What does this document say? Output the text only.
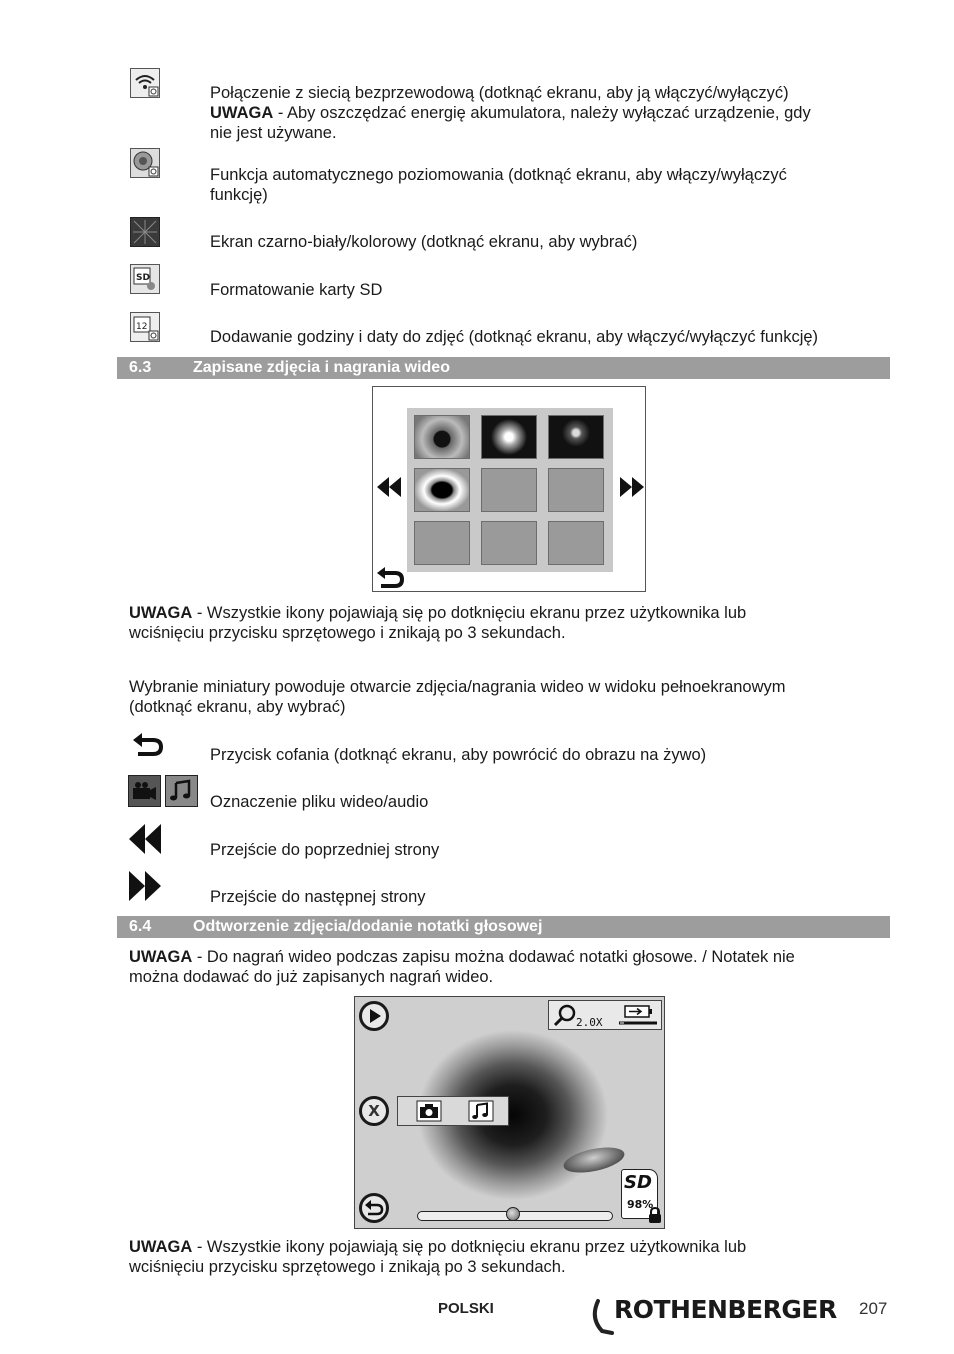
Połączenie z siecią bezprzewodową (dotknąć ekranu, aby ją włączyć/wyłączyć)
UWAGA - Aby oszczędzać energię akumulatora, należy wyłączać urządzenie, gdy
nie jest używane.
Funkcja automatycznego poziomowania (dotknąć ekranu, aby włączy/wyłączyć
funkcję)
Ekran czarno-biały/kolorowy (dotknąć ekranu, aby wybrać)
SD
Formatowanie karty SD
12
Dodawanie godziny i daty do zdjęć (dotknąć ekranu, aby włączyć/wyłączyć funkcję)
6.3	Zapisane zdjęcia i nagrania wideo
UWAGA - Wszystkie ikony pojawiają się po dotknięciu ekranu przez użytkownika lub
wciśnięciu przycisku sprzętowego i znikają po 3 sekundach.
Wybranie miniatury powoduje otwarcie zdjęcia/nagrania wideo w widoku pełnoekranowym
(dotknąć ekranu, aby wybrać)
Przycisk cofania (dotknąć ekranu, aby powrócić do obrazu na żywo)
Oznaczenie pliku wideo/audio
Przejście do poprzedniej strony
Przejście do następnej strony
6.4	Odtworzenie zdjęcia/dodanie notatki głosowej
UWAGA - Do nagrań wideo podczas zapisu można dodawać notatki głosowe. / Notatek nie
można dodawać do już zapisanych nagrań wideo.
2.0X
X
SD
98%
UWAGA - Wszystkie ikony pojawiają się po dotknięciu ekranu przez użytkownika lub
wciśnięciu przycisku sprzętowego i znikają po 3 sekundach.
POLSKI	ROTHENBERGER 207
